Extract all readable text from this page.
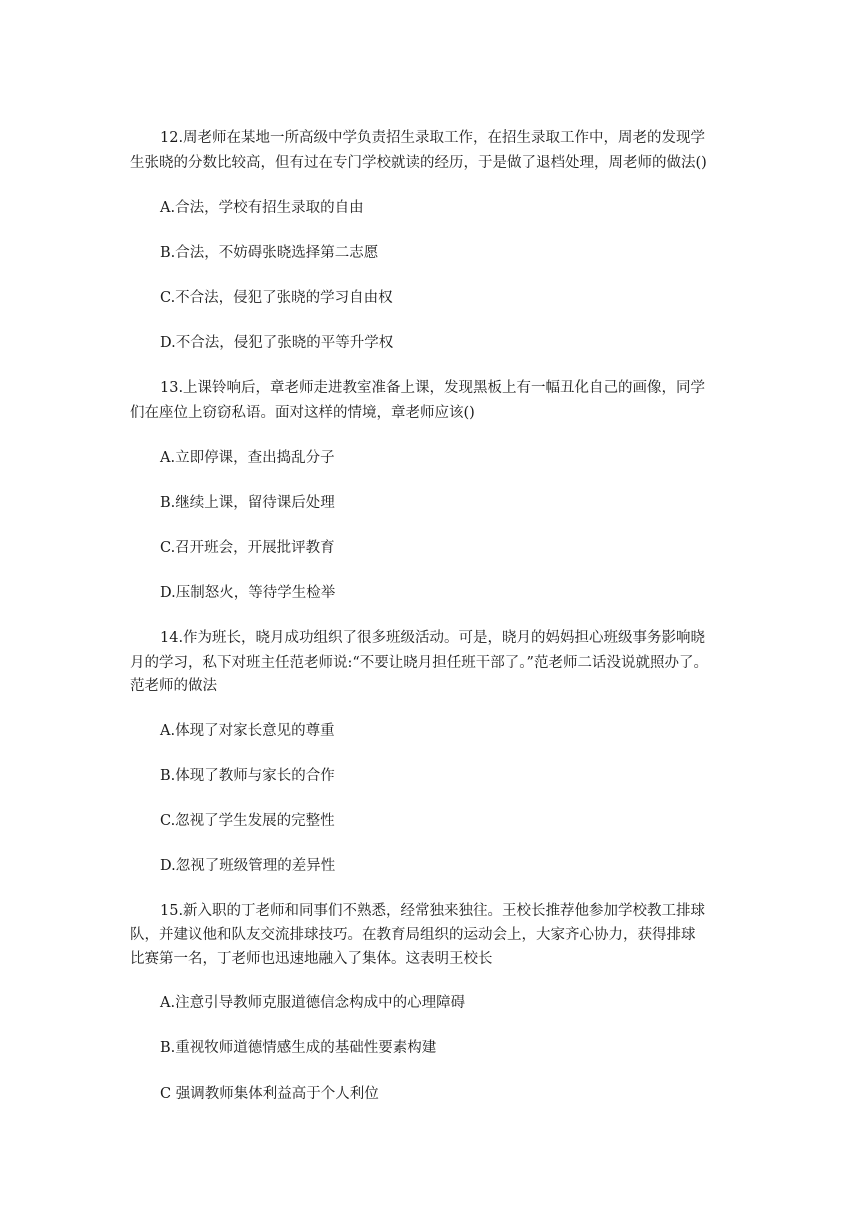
12.周老师在某地一所高级中学负责招生录取工作，在招生录取工作中，周老的发现学
生张晓的分数比较高，但有过在专门学校就读的经历，于是做了退档处理，周老师的做法()
A.合法，学校有招生录取的自由
B.合法，不妨碍张晓选择第二志愿
C.不合法，侵犯了张晓的学习自由权
D.不合法，侵犯了张晓的平等升学权
13.上课铃响后，章老师走进教室准备上课，发现黑板上有一幅丑化自己的画像，同学
们在座位上窃窃私语。面对这样的情境，章老师应该()
A.立即停课，查出捣乱分子
B.继续上课，留待课后处理
C.召开班会，开展批评教育
D.压制怒火，等待学生检举
14.作为班长，晓月成功组织了很多班级活动。可是，晓月的妈妈担心班级事务影响晓
月的学习，私下对班主任范老师说:“不要让晓月担任班干部了。”范老师二话没说就照办了。
范老师的做法
A.体现了对家长意见的尊重
B.体现了教师与家长的合作
C.忽视了学生发展的完整性
D.忽视了班级管理的差异性
15.新入职的丁老师和同事们不熟悉，经常独来独往。王校长推荐他参加学校教工排球
队，并建议他和队友交流排球技巧。在教育局组织的运动会上，大家齐心协力，获得排球
比赛第一名，丁老师也迅速地融入了集体。这表明王校长
A.注意引导教师克服道德信念构成中的心理障碍
B.重视牧师道德情感生成的基础性要素构建
C 强调教师集体利益高于个人利位
